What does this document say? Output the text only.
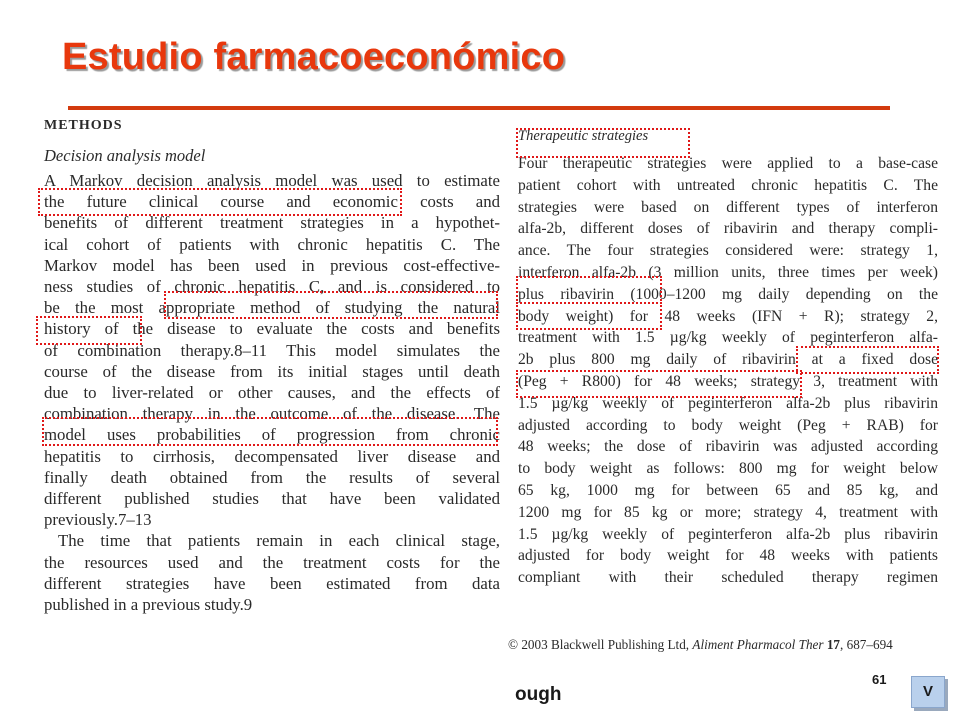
Estudio farmacoeconómico
METHODS
Decision analysis model
A Markov decision analysis model was used to estimate
the future clinical course and economic costs and
benefits of different treatment strategies in a hypothet-
ical cohort of patients with chronic hepatitis C. The
Markov model has been used in previous cost-effective-
ness studies of chronic hepatitis C, and is considered to
be the most appropriate method of studying the natural
history of the disease to evaluate the costs and benefits
of combination therapy.8–11 This model simulates the
course of the disease from its initial stages until death
due to liver-related or other causes, and the effects of
combination therapy in the outcome of the disease. The
model uses probabilities of progression from chronic
hepatitis to cirrhosis, decompensated liver disease and
finally death obtained from the results of several
different published studies that have been validated
previously.7–13
The time that patients remain in each clinical stage,
the resources used and the treatment costs for the
different strategies have been estimated from data
published in a previous study.9
Therapeutic strategies
Four therapeutic strategies were applied to a base-case
patient cohort with untreated chronic hepatitis C. The
strategies were based on different types of interferon
alfa-2b, different doses of ribavirin and therapy compli-
ance. The four strategies considered were: strategy 1,
interferon alfa-2b (3 million units, three times per week)
plus ribavirin (1000–1200 mg daily depending on the
body weight) for 48 weeks (IFN + R); strategy 2,
treatment with 1.5 µg/kg weekly of peginterferon alfa-
2b plus 800 mg daily of ribavirin at a fixed dose
(Peg + R800) for 48 weeks; strategy 3, treatment with
1.5 µg/kg weekly of peginterferon alfa-2b plus ribavirin
adjusted according to body weight (Peg + RAB) for
48 weeks; the dose of ribavirin was adjusted according
to body weight as follows: 800 mg for weight below
65 kg, 1000 mg for between 65 and 85 kg, and
1200 mg for 85 kg or more; strategy 4, treatment with
1.5 µg/kg weekly of peginterferon alfa-2b plus ribavirin
adjusted for body weight for 48 weeks with patients
compliant with their scheduled therapy regimen
© 2003 Blackwell Publishing Ltd, Aliment Pharmacol Ther 17, 687–694
ough
61
V
